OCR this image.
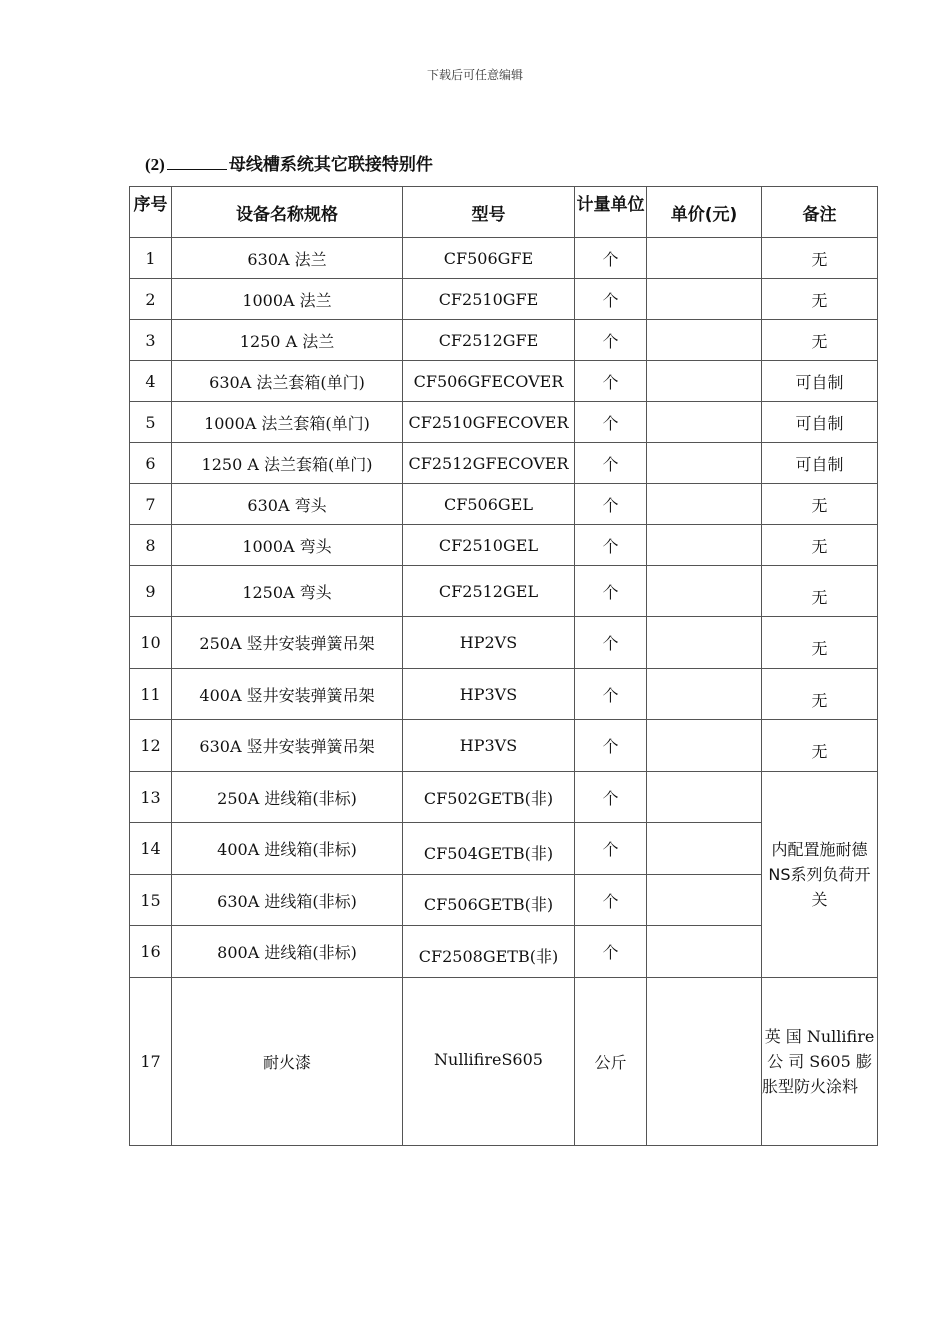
下载后可任意编辑
(2)	母线槽系统其它联接特别件
序号	设备名称规格	型号	计量单位	单价(元)	备注
1	630A 法兰	CF506GFE	个		无
2	1000A 法兰	CF2510GFE	个		无
3	1250 A 法兰	CF2512GFE	个		无
4	630A 法兰套箱(单门)	CF506GFECOVER	个		可自制
5	1000A 法兰套箱(单门)	CF2510GFECOVER	个		可自制
6	1250 A 法兰套箱(单门)	CF2512GFECOVER	个		可自制
7	630A 弯头	CF506GEL	个		无
8	1000A 弯头	CF2510GEL	个		无
9	1250A 弯头	CF2512GEL	个		无
10	250A 竖井安装弹簧吊架	HP2VS	个		无
11	400A 竖井安装弹簧吊架	HP3VS	个		无
12	630A 竖井安装弹簧吊架	HP3VS	个		无
13	250A 进线箱(非标)	CF502GETB(非)	个		内配置施耐德NS系列负荷开关
14	400A 进线箱(非标)	CF504GETB(非)	个		
15	630A 进线箱(非标)	CF506GETB(非)	个		
16	800A 进线箱(非标)	CF2508GETB(非)	个		
17	耐火漆	NullifireS605	公斤		英 国 Nullifire 公 司 S605 膨胀型防火涂料
